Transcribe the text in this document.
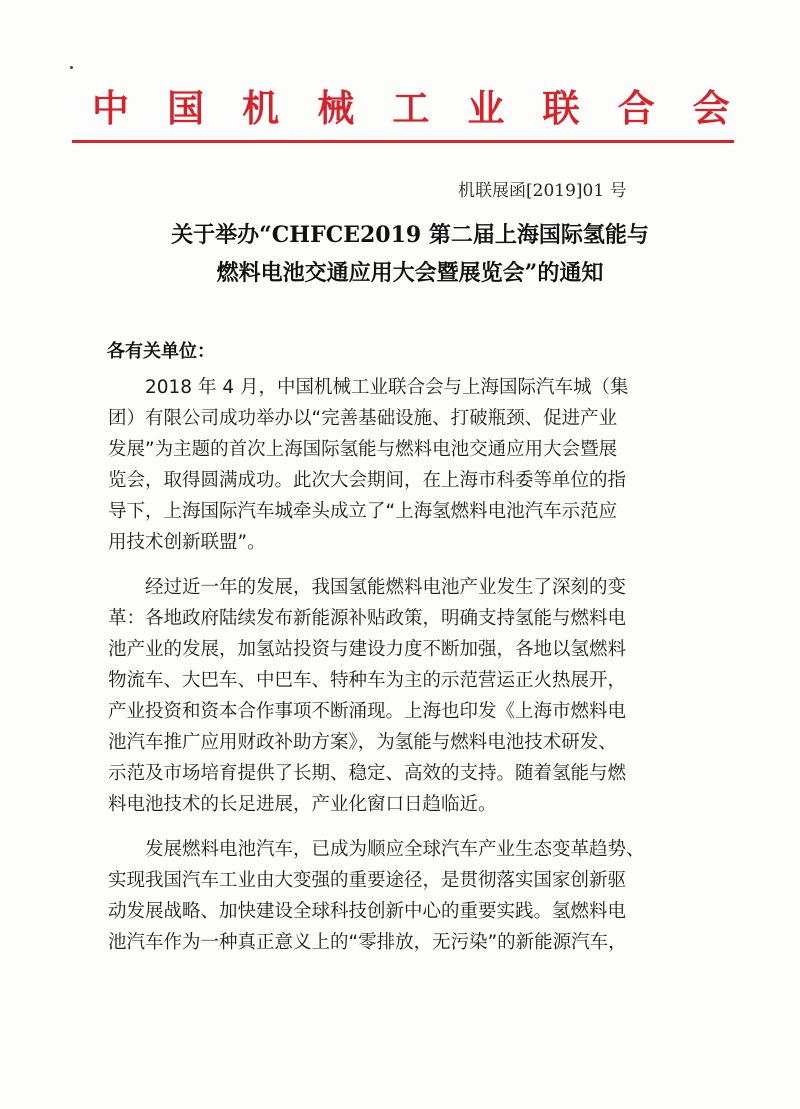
中 国 机 械 工 业 联 合 会

机联展函[2019]01 号

关于举办“CHFCE2019 第二届上海国际氢能与
燃料电池交通应用大会暨展览会”的通知

各有关单位：

　　2018 年 4 月，中国机械工业联合会与上海国际汽车城（集

团）有限公司成功举办以“完善基础设施、打破瓶颈、促进产业

发展”为主题的首次上海国际氢能与燃料电池交通应用大会暨展

览会，取得圆满成功。此次大会期间，在上海市科委等单位的指

导下，上海国际汽车城牵头成立了“上海氢燃料电池汽车示范应

用技术创新联盟”。

　　经过近一年的发展，我国氢能燃料电池产业发生了深刻的变

革：各地政府陆续发布新能源补贴政策，明确支持氢能与燃料电

池产业的发展，加氢站投资与建设力度不断加强，各地以氢燃料

物流车、大巴车、中巴车、特种车为主的示范营运正火热展开，

产业投资和资本合作事项不断涌现。上海也印发《上海市燃料电

池汽车推广应用财政补助方案》，为氢能与燃料电池技术研发、

示范及市场培育提供了长期、稳定、高效的支持。随着氢能与燃

料电池技术的长足进展，产业化窗口日趋临近。

　　发展燃料电池汽车，已成为顺应全球汽车产业生态变革趋势、

实现我国汽车工业由大变强的重要途径，是贯彻落实国家创新驱

动发展战略、加快建设全球科技创新中心的重要实践。氢燃料电

池汽车作为一种真正意义上的“零排放，无污染”的新能源汽车，
